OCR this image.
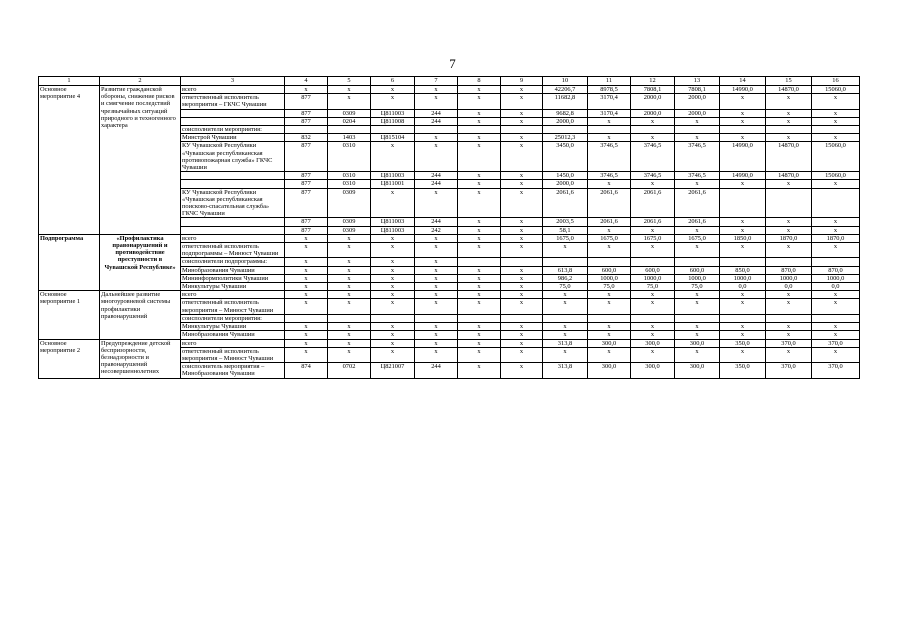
7
1	2	3	4	5	6	7	8	9	10	11	12	13	14	15	16
Основное мероприятие 4	Развитие гражданской обороны, снижение рисков и смягчение последствий чрезвычайных ситуаций природного и техногенного характера	всего	x	x	x	x	x	x	42206,7	8978,5	7808,1	7808,1	14990,0	14870,0	15060,0
		ответственный исполнитель мероприятия – ГКЧС Чувашии	877	x	x	x	x	x	11682,8	3170,4	2000,0	2000,0	x	x	x
			877	0309	Ц811003	244	x	x	9682,8	3170,4	2000,0	2000,0	x	x	x
			877	0204	Ц811008	244	x	x	2000,0	x	x	x	x	x	x
		соисполнители мероприятия:													
		Минстрой Чувашии	832	1403	Ц815104	x	x	x	25012,3	x	x	x	x	x	x
		КУ Чувашской Республики «Чувашская республиканская противопожарная служба» ГКЧС Чувашии	877	0310	x	x	x	x	3450,0	3746,5	3746,5	3746,5	14990,0	14870,0	15060,0
			877	0310	Ц811003	244	x	x	1450,0	3746,5	3746,5	3746,5	14990,0	14870,0	15060,0
			877	0310	Ц811001	244	x	x	2000,0	x	x	x	x	x	x
		КУ Чувашской Республики «Чувашская республиканская поисково-спасательная служба» ГКЧС Чувашии	877	0309	x	x	x	x	2061,6	2061,6	2061,6	2061,6			
			877	0309	Ц811003	244	x	x	2003,5	2061,6	2061,6	2061,6	x	x	x
			877	0309	Ц811003	242	x	x	58,1	x	x	x	x	x	x
Подпрограмма	«Профилактика правонарушений и противодействие преступности в Чувашской Республике»	всего	x	x	x	x	x	x	1675,0	1675,0	1675,0	1675,0	1850,0	1870,0	1870,0
		ответственный исполнитель подпрограммы – Минюст Чувашии	x	x	x	x	x	x	x	x	x	x	x	x	x
		соисполнители подпрограммы:	x	x	x	x									
		Минобразования Чувашии	x	x	x	x	x	x	613,8	600,0	600,0	600,0	850,0	870,0	870,0
		Мининформполитики Чувашии	x	x	x	x	x	x	986,2	1000,0	1000,0	1000,0	1000,0	1000,0	1000,0
		Минкультуры Чувашии	x	x	x	x	x	x	75,0	75,0	75,0	75,0	0,0	0,0	0,0
Основное мероприятие 1	Дальнейшее развитие многоуровневой системы профилактики правонарушений	всего	x	x	x	x	x	x	x	x	x	x	x	x	x
		ответственный исполнитель мероприятия – Минюст Чувашии	x	x	x	x	x	x	x	x	x	x	x	x	x
		соисполнители мероприятия:													
		Минкультуры Чувашии	x	x	x	x	x	x	x	x	x	x	x	x	x
		Минобразования Чувашии	x	x	x	x	x	x	x	x	x	x	x	x	x
Основное мероприятие 2	Предупреждение детской беспризорности, безнадзорности и правонарушений несовершеннолетних	всего	x	x	x	x	x	x	313,8	300,0	300,0	300,0	350,0	370,0	370,0
		ответственный исполнитель мероприятия – Минюст Чувашии	x	x	x	x	x	x	x	x	x	x	x	x	x
		соисполнитель мероприятия – Минобразования Чувашии	874	0702	Ц821007	244	x	x	313,8	300,0	300,0	300,0	350,0	370,0	370,0
